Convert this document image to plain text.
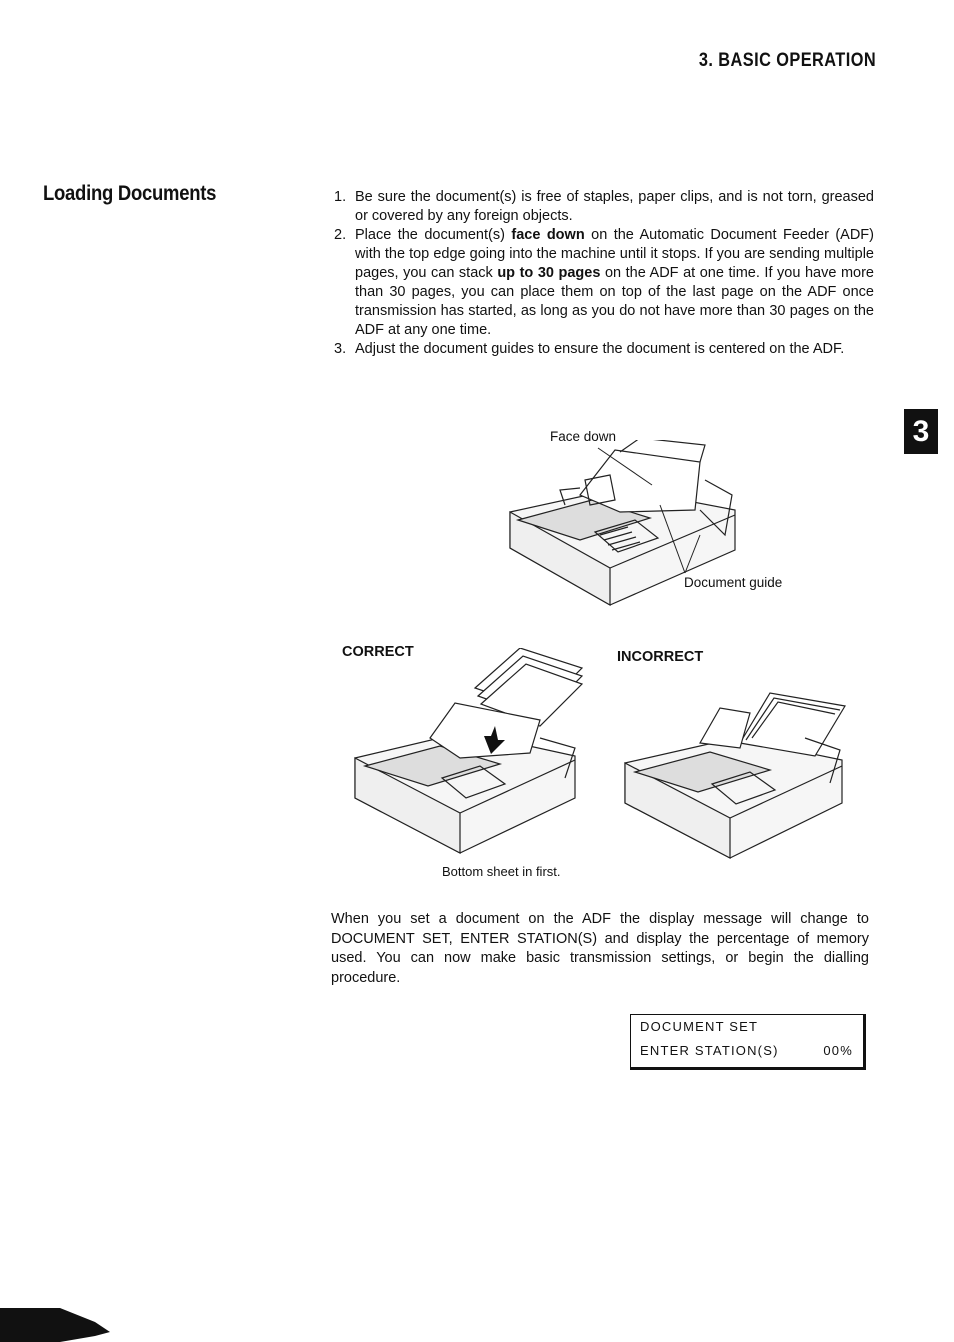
3. BASIC OPERATION
Loading Documents
3

1. Be sure the document(s) is free of staples, paper clips, and is not torn, greased or covered by any foreign objects.

2. Place the document(s) face down on the Automatic Document Feeder (ADF) with the top edge going into the machine until it stops. If you are sending multiple pages, you can stack up to 30 pages on the ADF at one time. If you have more than 30 pages, you can place them on top of the last page on the ADF once transmission has started, as long as you do not have more than 30 pages on the ADF at any one time.

3. Adjust the document guides to ensure the document is centered on the ADF.

Face down
Document guide
CORRECT
Bottom sheet in first.
INCORRECT
When you set a document on the ADF the display message will change to DOCUMENT SET, ENTER STATION(S) and display the percentage of memory used. You can now make basic transmission settings, or begin the dialling procedure.
DOCUMENT SET
ENTER STATION(S)	00%
